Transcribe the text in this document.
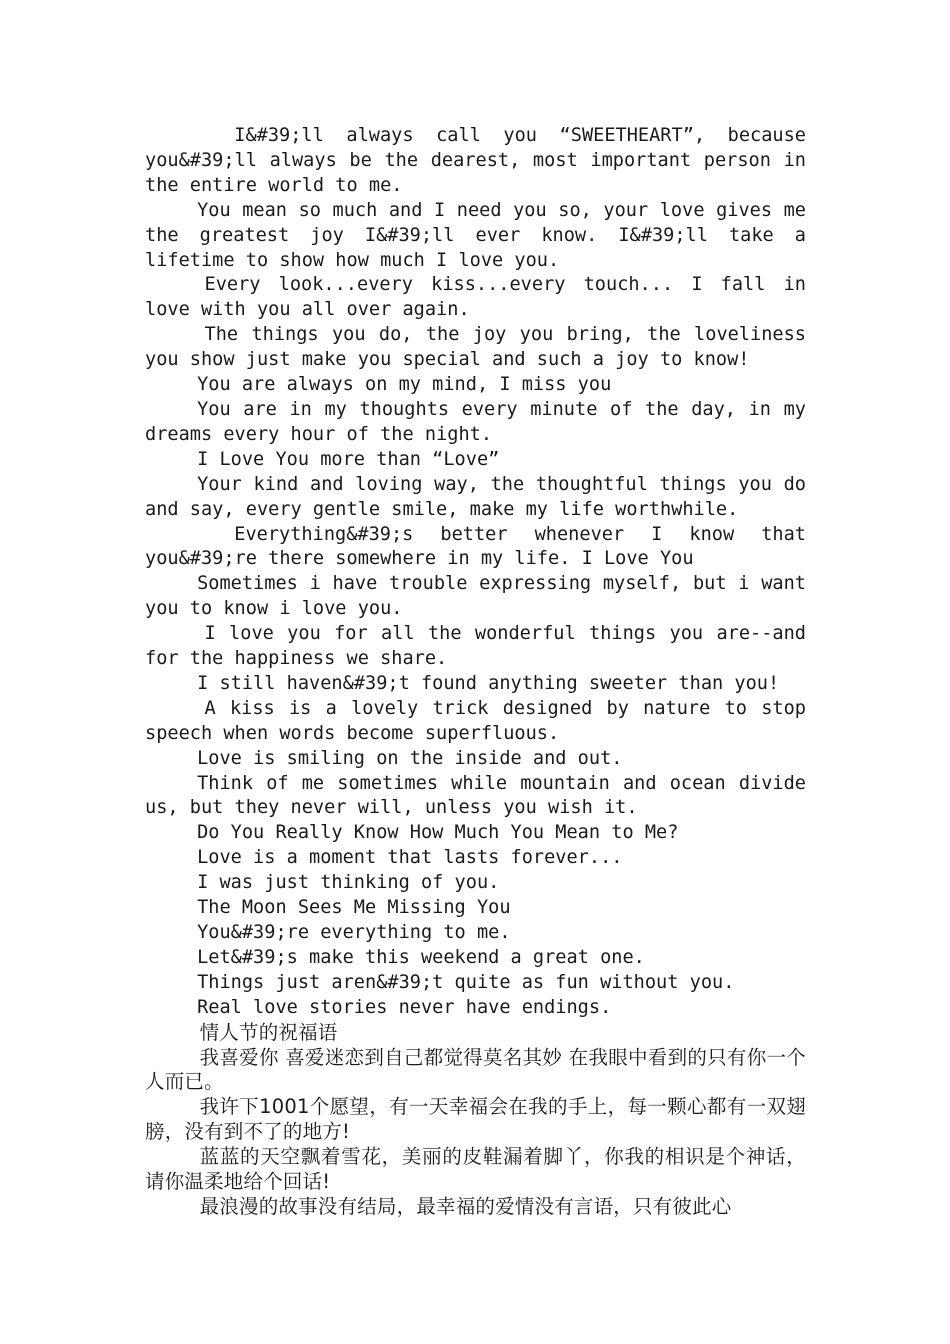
I&#39;ll always call you “SWEETHEART”, because you&#39;ll always be the dearest, most important person in the entire world to me.

You mean so much and I need you so, your love gives me the greatest joy I&#39;ll ever know. I&#39;ll take a lifetime to show how much I love you.

Every look...every kiss...every touch... I fall in love with you all over again.

The things you do, the joy you bring, the loveliness you show just make you special and such a joy to know!

You are always on my mind, I miss you

You are in my thoughts every minute of the day, in my dreams every hour of the night.

I Love You more than “Love”

Your kind and loving way, the thoughtful things you do and say, every gentle smile, make my life worthwhile.

Everything&#39;s better whenever I know that you&#39;re there somewhere in my life. I Love You

Sometimes i have trouble expressing myself, but i want you to know i love you.

I love you for all the wonderful things you are--and for the happiness we share.

I still haven&#39;t found anything sweeter than you!

A kiss is a lovely trick designed by nature to stop speech when words become superfluous.

Love is smiling on the inside and out.

Think of me sometimes while mountain and ocean divide us, but they never will, unless you wish it.

Do You Really Know How Much You Mean to Me?

Love is a moment that lasts forever...

I was just thinking of you.

The Moon Sees Me Missing You

You&#39;re everything to me.

Let&#39;s make this weekend a great one.

Things just aren&#39;t quite as fun without you.

Real love stories never have endings.

情人节的祝福语

我喜爱你 喜爱迷恋到自己都觉得莫名其妙 在我眼中看到的只有你一个人而已。

我许下1001个愿望，有一天幸福会在我的手上，每一颗心都有一双翅膀，没有到不了的地方!

蓝蓝的天空飘着雪花，美丽的皮鞋漏着脚丫，你我的相识是个神话，请你温柔地给个回话!

最浪漫的故事没有结局，最幸福的爱情没有言语，只有彼此心
